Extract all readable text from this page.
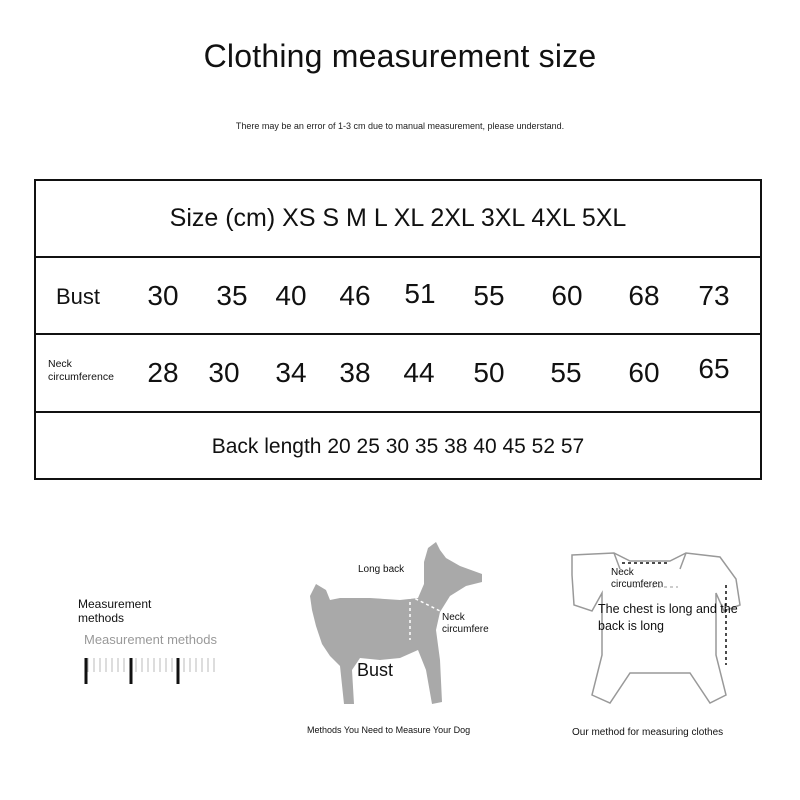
Clothing measurement size
There may be an error of 1-3 cm due to manual measurement, please understand.
Size (cm) XS S M L XL 2XL 3XL 4XL 5XL
Bust 30 35 40 46 51 55 60 68 73
Neck
circumference	28 30 34 38 44 50 55 60 65
Back length 20 25 30 35 38 40 45 52 57
Measurement
methods
Measurement methods
Long back
Neck
circumfere
Bust
Methods You Need to Measure Your Dog
Neck
circumferen
The chest is long and the back is long
Our method for measuring clothes
